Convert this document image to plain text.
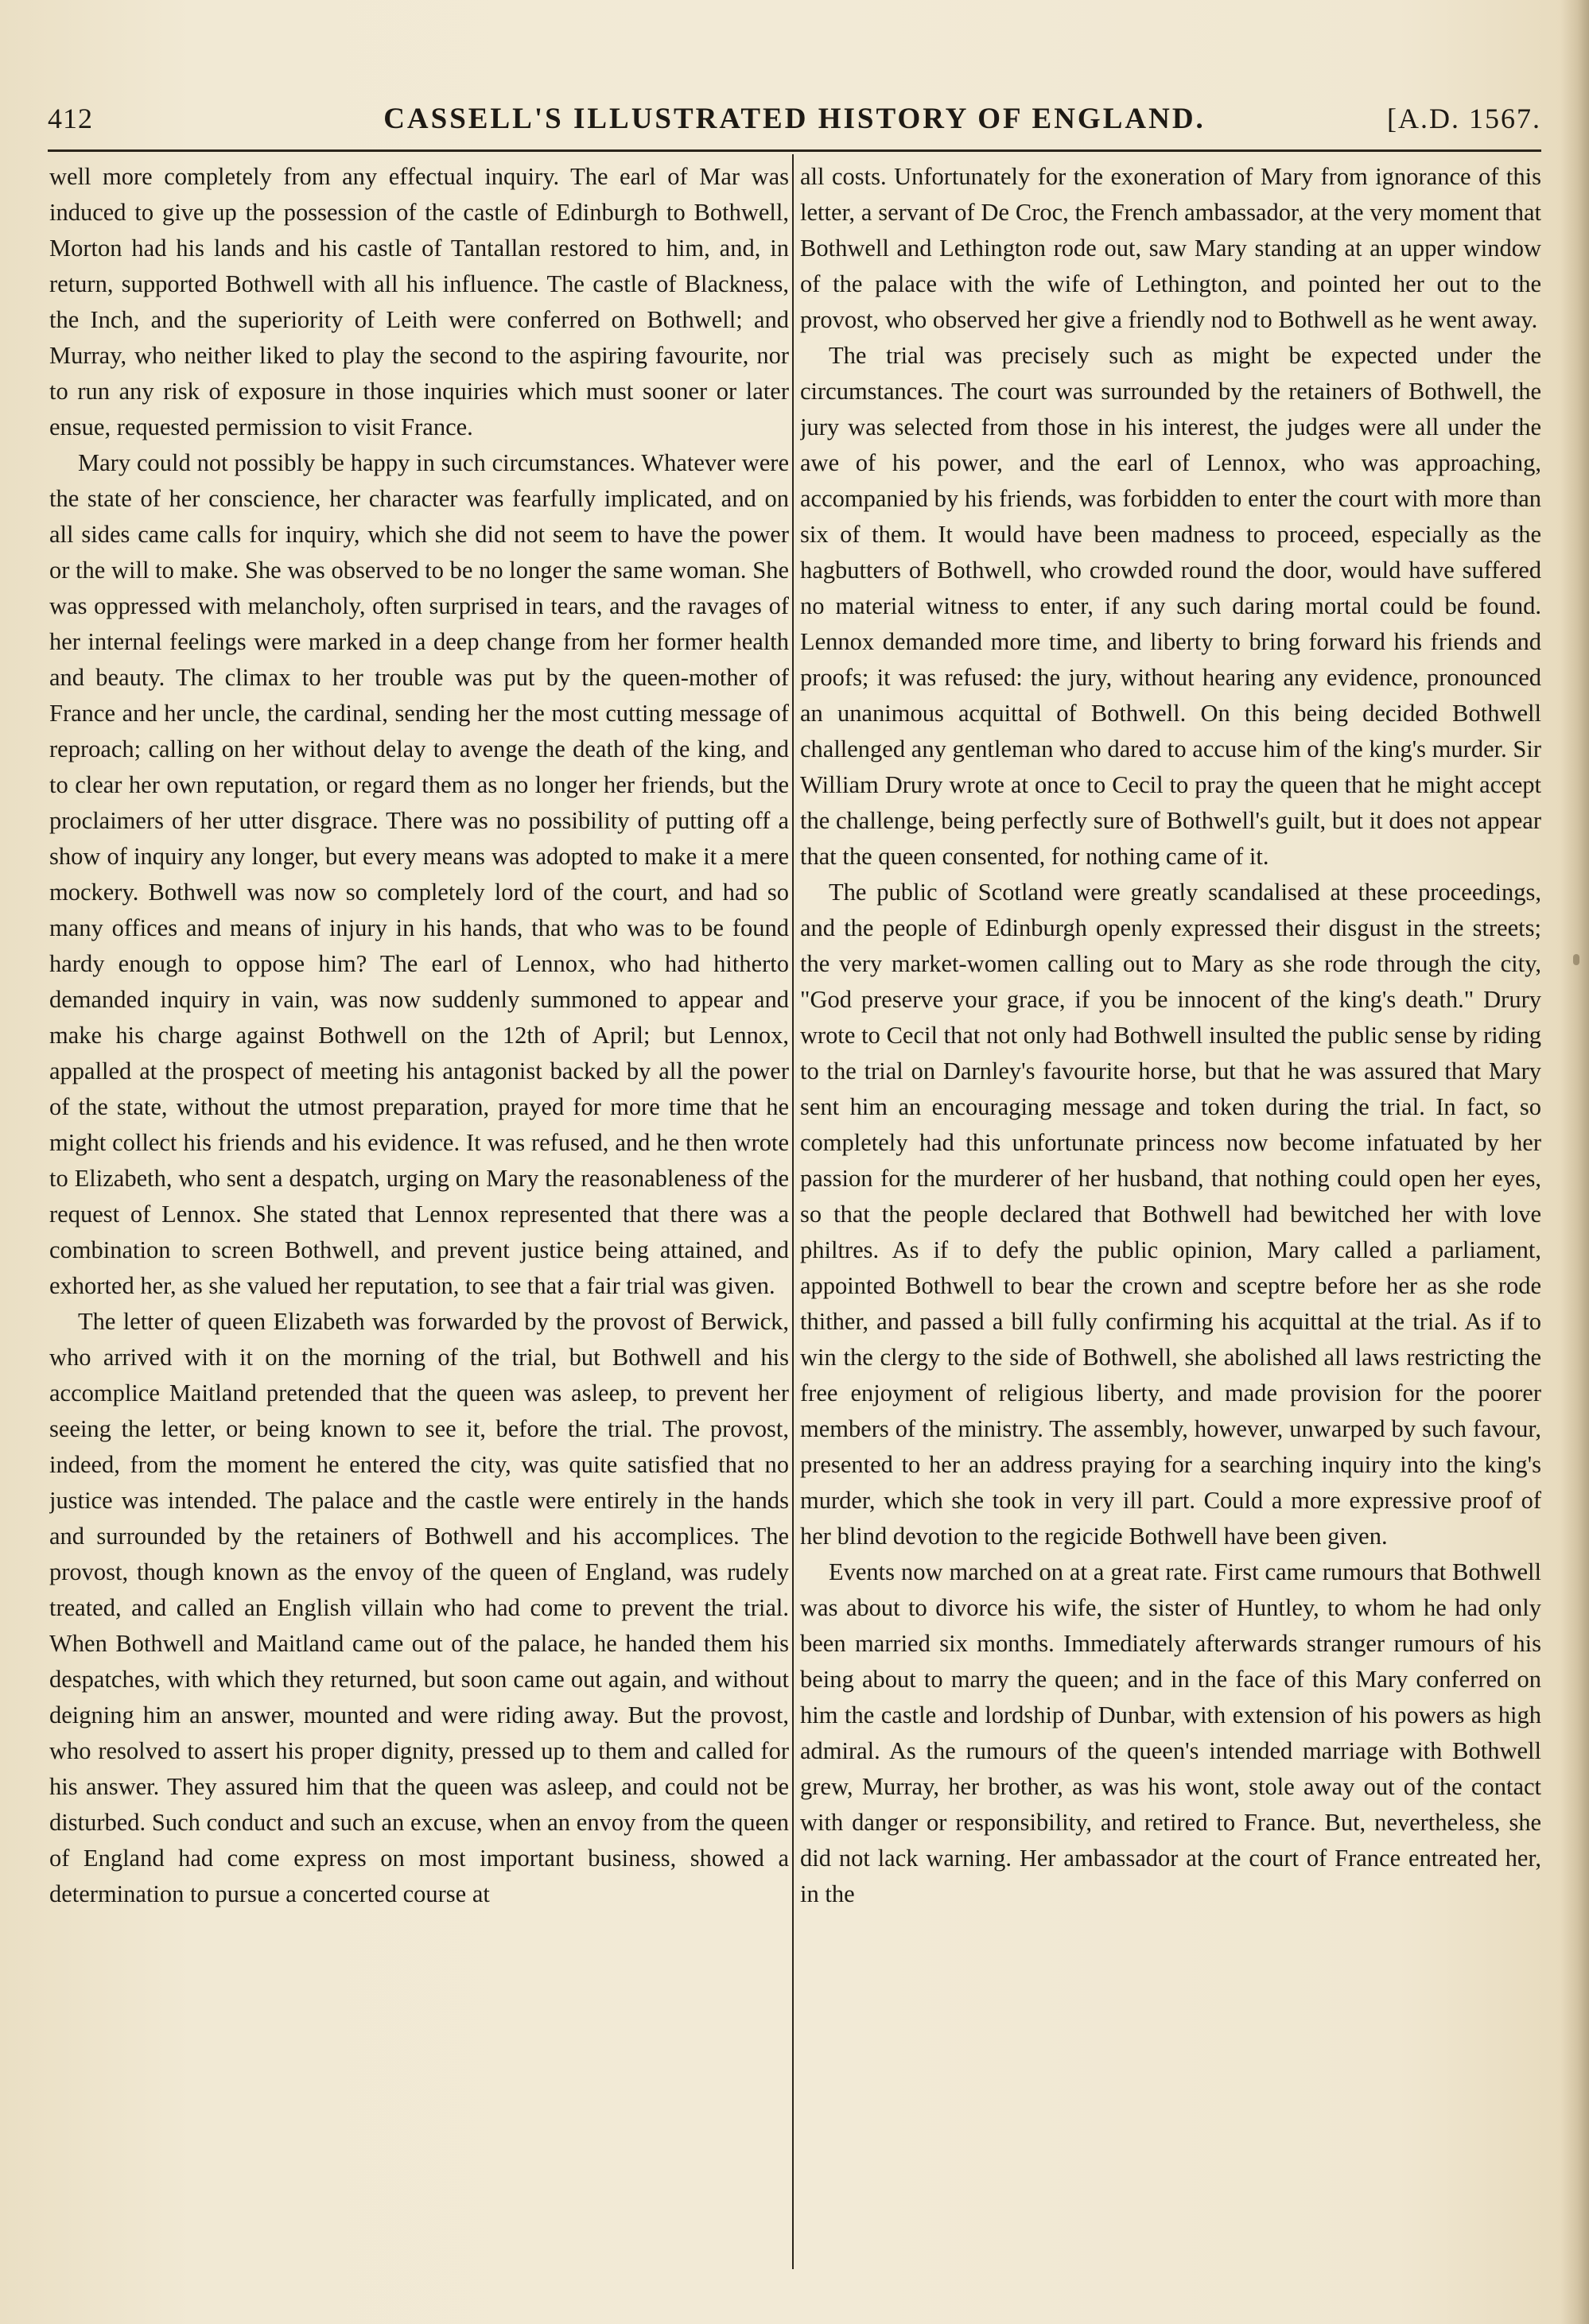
412	CASSELL'S ILLUSTRATED HISTORY OF ENGLAND.	[A.D. 1567.

well more completely from any effectual inquiry. The earl of Mar was induced to give up the possession of the castle of Edinburgh to Bothwell, Morton had his lands and his castle of Tantallan restored to him, and, in return, supported Bothwell with all his influence. The castle of Blackness, the Inch, and the superiority of Leith were conferred on Bothwell; and Murray, who neither liked to play the second to the aspiring favourite, nor to run any risk of exposure in those inquiries which must sooner or later ensue, requested permission to visit France.

Mary could not possibly be happy in such circumstances. Whatever were the state of her conscience, her character was fearfully implicated, and on all sides came calls for inquiry, which she did not seem to have the power or the will to make. She was observed to be no longer the same woman. She was oppressed with melancholy, often surprised in tears, and the ravages of her internal feelings were marked in a deep change from her former health and beauty. The climax to her trouble was put by the queen-mother of France and her uncle, the cardinal, sending her the most cutting message of reproach; calling on her without delay to avenge the death of the king, and to clear her own reputation, or regard them as no longer her friends, but the proclaimers of her utter disgrace. There was no possibility of putting off a show of inquiry any longer, but every means was adopted to make it a mere mockery. Bothwell was now so completely lord of the court, and had so many offices and means of injury in his hands, that who was to be found hardy enough to oppose him? The earl of Lennox, who had hitherto demanded inquiry in vain, was now suddenly summoned to appear and make his charge against Bothwell on the 12th of April; but Lennox, appalled at the prospect of meeting his antagonist backed by all the power of the state, without the utmost preparation, prayed for more time that he might collect his friends and his evidence. It was refused, and he then wrote to Elizabeth, who sent a despatch, urging on Mary the reasonableness of the request of Lennox. She stated that Lennox represented that there was a combination to screen Bothwell, and prevent justice being attained, and exhorted her, as she valued her reputation, to see that a fair trial was given.

The letter of queen Elizabeth was forwarded by the provost of Berwick, who arrived with it on the morning of the trial, but Bothwell and his accomplice Maitland pretended that the queen was asleep, to prevent her seeing the letter, or being known to see it, before the trial. The provost, indeed, from the moment he entered the city, was quite satisfied that no justice was intended. The palace and the castle were entirely in the hands and surrounded by the retainers of Bothwell and his accomplices. The provost, though known as the envoy of the queen of England, was rudely treated, and called an English villain who had come to prevent the trial. When Bothwell and Maitland came out of the palace, he handed them his despatches, with which they returned, but soon came out again, and without deigning him an answer, mounted and were riding away. But the provost, who resolved to assert his proper dignity, pressed up to them and called for his answer. They assured him that the queen was asleep, and could not be disturbed. Such conduct and such an excuse, when an envoy from the queen of England had come express on most important business, showed a determination to pursue a concerted course at

all costs. Unfortunately for the exoneration of Mary from ignorance of this letter, a servant of De Croc, the French ambassador, at the very moment that Bothwell and Lethington rode out, saw Mary standing at an upper window of the palace with the wife of Lethington, and pointed her out to the provost, who observed her give a friendly nod to Bothwell as he went away.

The trial was precisely such as might be expected under the circumstances. The court was surrounded by the retainers of Bothwell, the jury was selected from those in his interest, the judges were all under the awe of his power, and the earl of Lennox, who was approaching, accompanied by his friends, was forbidden to enter the court with more than six of them. It would have been madness to proceed, especially as the hagbutters of Bothwell, who crowded round the door, would have suffered no material witness to enter, if any such daring mortal could be found. Lennox demanded more time, and liberty to bring forward his friends and proofs; it was refused: the jury, without hearing any evidence, pronounced an unanimous acquittal of Bothwell. On this being decided Bothwell challenged any gentleman who dared to accuse him of the king's murder. Sir William Drury wrote at once to Cecil to pray the queen that he might accept the challenge, being perfectly sure of Bothwell's guilt, but it does not appear that the queen consented, for nothing came of it.

The public of Scotland were greatly scandalised at these proceedings, and the people of Edinburgh openly expressed their disgust in the streets; the very market-women calling out to Mary as she rode through the city, "God preserve your grace, if you be innocent of the king's death." Drury wrote to Cecil that not only had Bothwell insulted the public sense by riding to the trial on Darnley's favourite horse, but that he was assured that Mary sent him an encouraging message and token during the trial. In fact, so completely had this unfortunate princess now become infatuated by her passion for the murderer of her husband, that nothing could open her eyes, so that the people declared that Bothwell had bewitched her with love philtres. As if to defy the public opinion, Mary called a parliament, appointed Bothwell to bear the crown and sceptre before her as she rode thither, and passed a bill fully confirming his acquittal at the trial. As if to win the clergy to the side of Bothwell, she abolished all laws restricting the free enjoyment of religious liberty, and made provision for the poorer members of the ministry. The assembly, however, unwarped by such favour, presented to her an address praying for a searching inquiry into the king's murder, which she took in very ill part. Could a more expressive proof of her blind devotion to the regicide Bothwell have been given.

Events now marched on at a great rate. First came rumours that Bothwell was about to divorce his wife, the sister of Huntley, to whom he had only been married six months. Immediately afterwards stranger rumours of his being about to marry the queen; and in the face of this Mary conferred on him the castle and lordship of Dunbar, with extension of his powers as high admiral. As the rumours of the queen's intended marriage with Bothwell grew, Murray, her brother, as was his wont, stole away out of the contact with danger or responsibility, and retired to France. But, nevertheless, she did not lack warning. Her ambassador at the court of France entreated her, in the
